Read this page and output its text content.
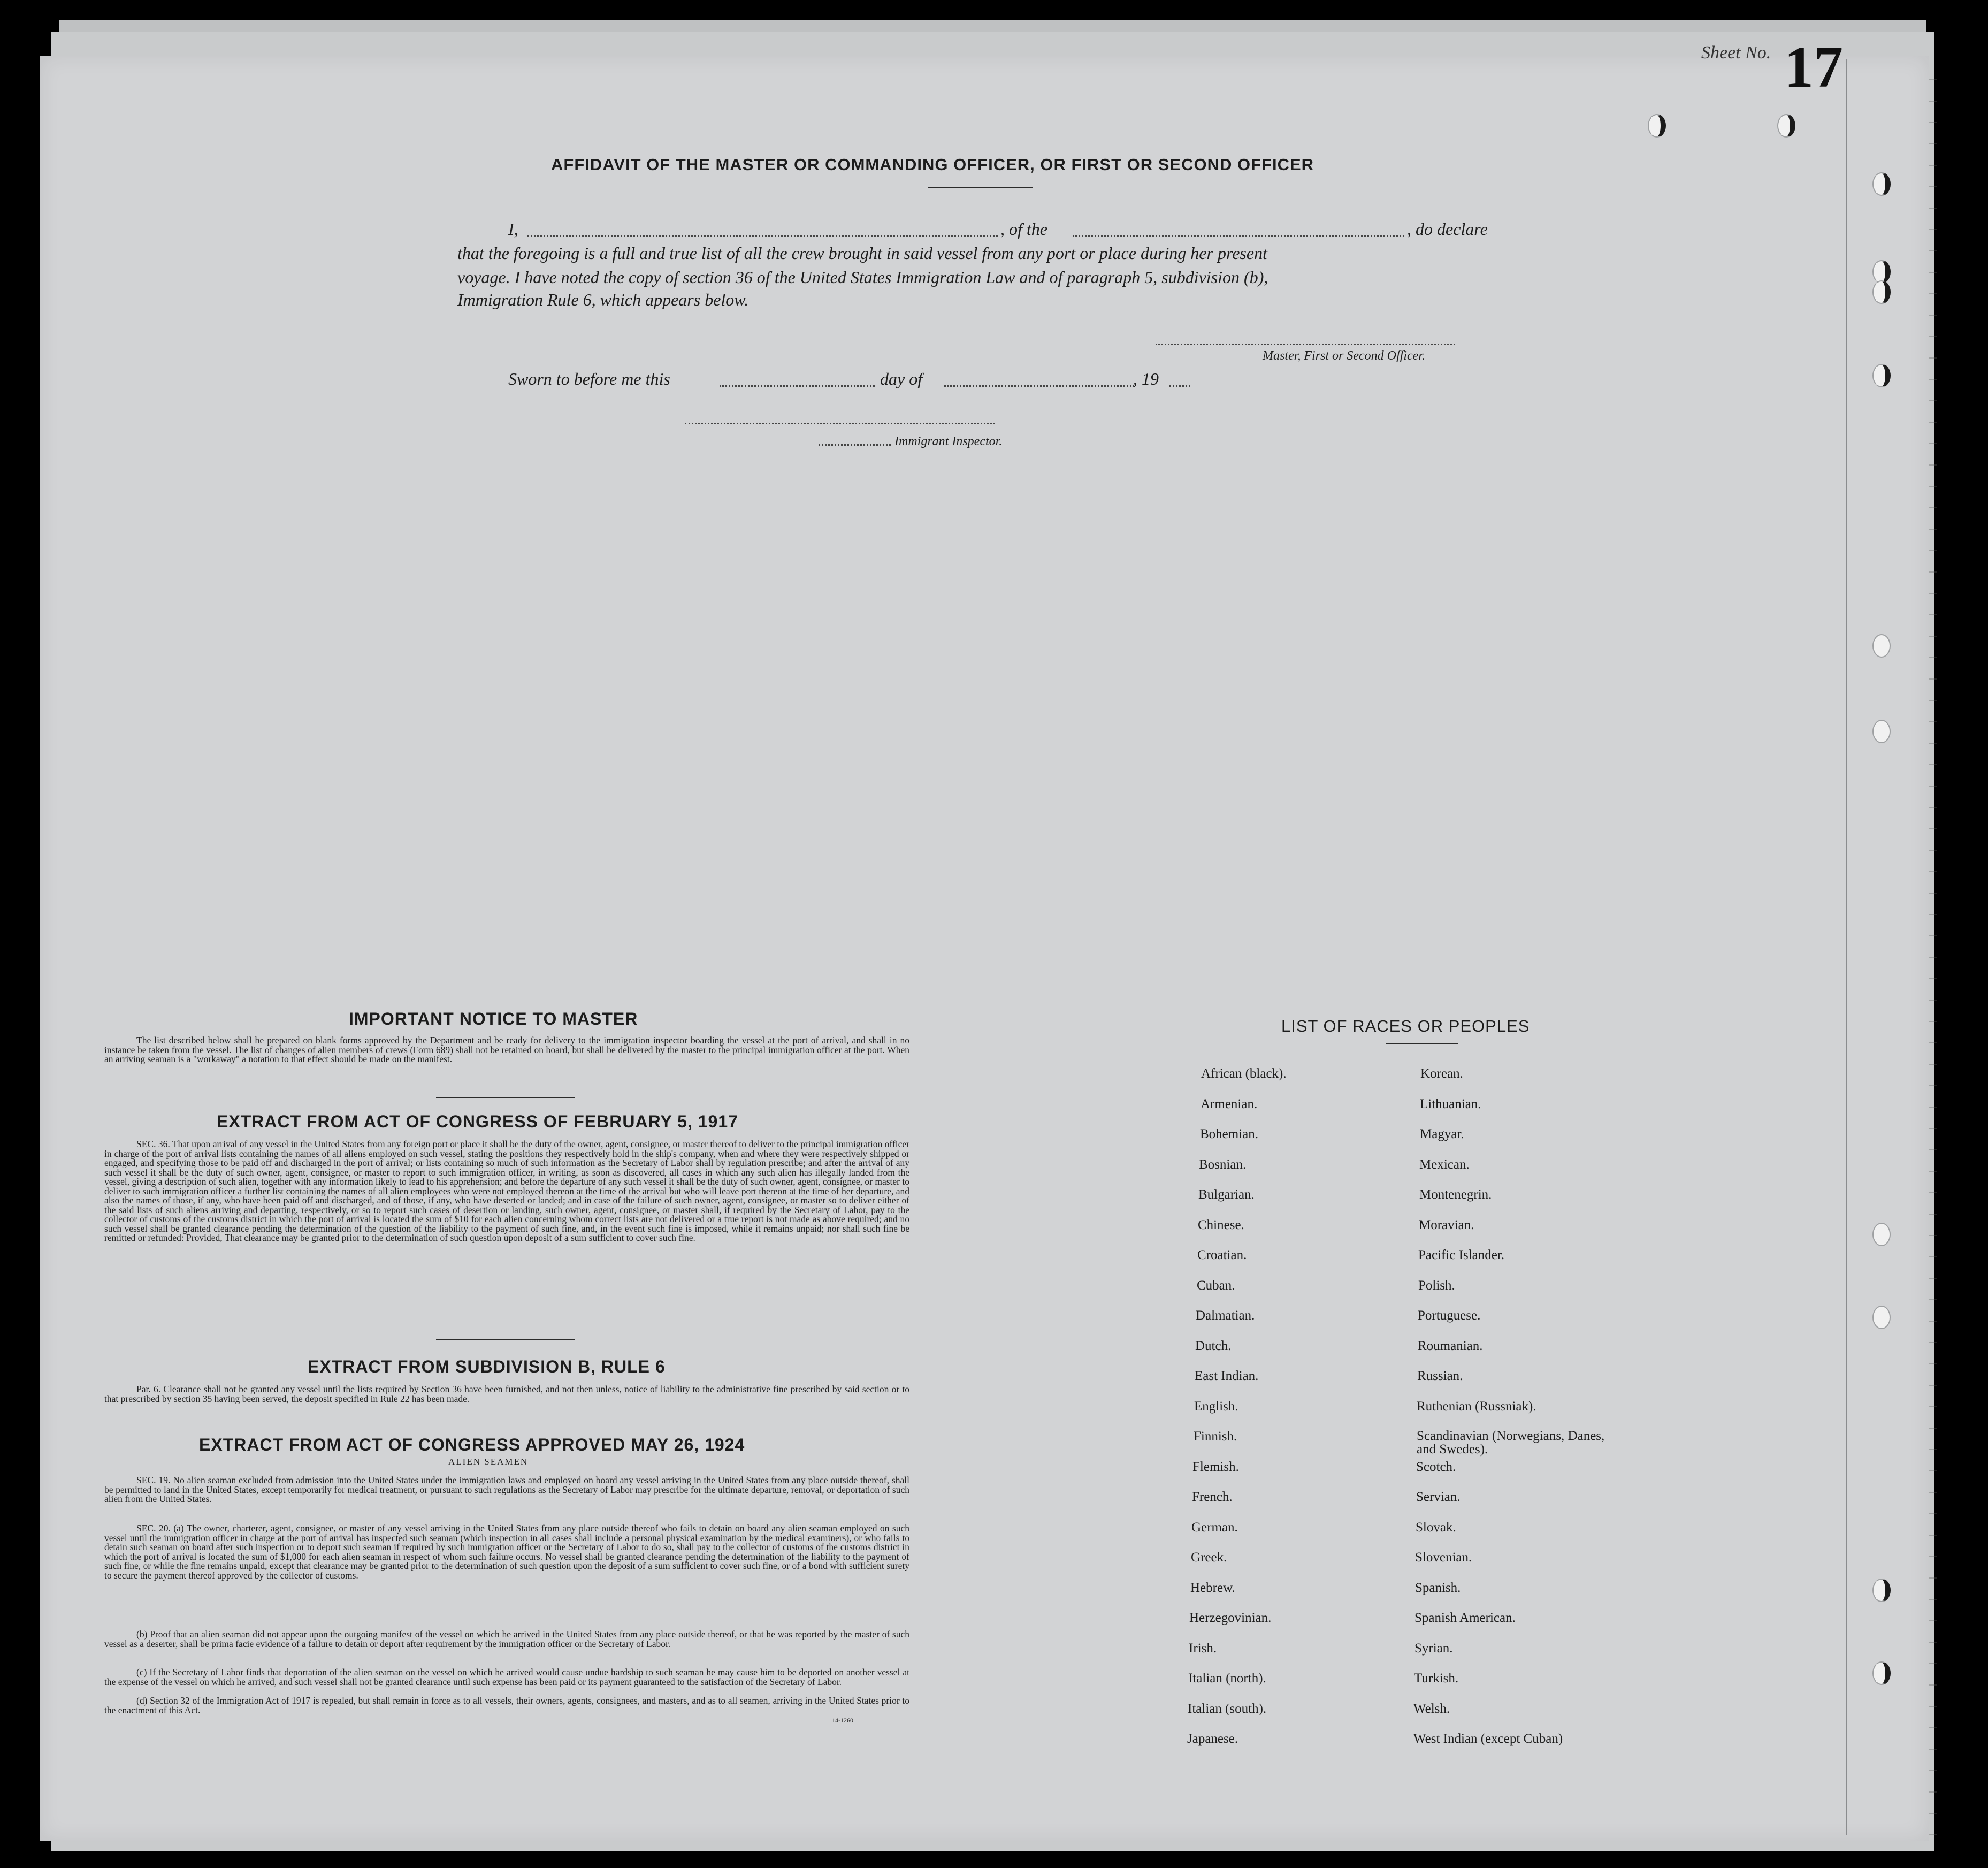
Sheet No. 17
AFFIDAVIT OF THE MASTER OR COMMANDING OFFICER, OR FIRST OR SECOND OFFICER
I,	, of the	, do declare
that the foregoing is a full and true list of all the crew brought in said vessel from any port or place during her present
voyage. I have noted the copy of section 36 of the United States Immigration Law and of paragraph 5, subdivision (b),
Immigration Rule 6, which appears below.
Master, First or Second Officer.
Sworn to before me this	day of	, 19
Immigrant Inspector.
IMPORTANT NOTICE TO MASTER
The list described below shall be prepared on blank forms approved by the Department and be ready for delivery to the immigration inspector boarding the vessel at the port of arrival, and shall in no instance be taken from the vessel. The list of changes of alien members of crews (Form 689) shall not be retained on board, but shall be delivered by the master to the principal immigration officer at the port. When an arriving seaman is a "workaway" a notation to that effect should be made on the manifest.
EXTRACT FROM ACT OF CONGRESS OF FEBRUARY 5, 1917
SEC. 36. That upon arrival of any vessel in the United States from any foreign port or place it shall be the duty of the owner, agent, consignee, or master thereof to deliver to the principal immigration officer in charge of the port of arrival lists containing the names of all aliens employed on such vessel, stating the positions they respectively hold in the ship's company, when and where they were respectively shipped or engaged, and specifying those to be paid off and discharged in the port of arrival; or lists containing so much of such information as the Secretary of Labor shall by regulation prescribe; and after the arrival of any such vessel it shall be the duty of such owner, agent, consignee, or master to report to such immigration officer, in writing, as soon as discovered, all cases in which any such alien has illegally landed from the vessel, giving a description of such alien, together with any information likely to lead to his apprehension; and before the departure of any such vessel it shall be the duty of such owner, agent, consignee, or master to deliver to such immigration officer a further list containing the names of all alien employees who were not employed thereon at the time of the arrival but who will leave port thereon at the time of her departure, and also the names of those, if any, who have been paid off and discharged, and of those, if any, who have deserted or landed; and in case of the failure of such owner, agent, consignee, or master so to deliver either of the said lists of such aliens arriving and departing, respectively, or so to report such cases of desertion or landing, such owner, agent, consignee, or master shall, if required by the Secretary of Labor, pay to the collector of customs of the customs district in which the port of arrival is located the sum of $10 for each alien concerning whom correct lists are not delivered or a true report is not made as above required; and no such vessel shall be granted clearance pending the determination of the question of the liability to the payment of such fine, and, in the event such fine is imposed, while it remains unpaid; nor shall such fine be remitted or refunded: Provided, That clearance may be granted prior to the determination of such question upon deposit of a sum sufficient to cover such fine.
EXTRACT FROM SUBDIVISION B, RULE 6
Par. 6. Clearance shall not be granted any vessel until the lists required by Section 36 have been furnished, and not then unless, notice of liability to the administrative fine prescribed by said section or to that prescribed by section 35 having been served, the deposit specified in Rule 22 has been made.
EXTRACT FROM ACT OF CONGRESS APPROVED MAY 26, 1924
ALIEN SEAMEN
SEC. 19. No alien seaman excluded from admission into the United States under the immigration laws and employed on board any vessel arriving in the United States from any place outside thereof, shall be permitted to land in the United States, except temporarily for medical treatment, or pursuant to such regulations as the Secretary of Labor may prescribe for the ultimate departure, removal, or deportation of such alien from the United States.
SEC. 20. (a) The owner, charterer, agent, consignee, or master of any vessel arriving in the United States from any place outside thereof who fails to detain on board any alien seaman employed on such vessel until the immigration officer in charge at the port of arrival has inspected such seaman (which inspection in all cases shall include a personal physical examination by the medical examiners), or who fails to detain such seaman on board after such inspection or to deport such seaman if required by such immigration officer or the Secretary of Labor to do so, shall pay to the collector of customs of the customs district in which the port of arrival is located the sum of $1,000 for each alien seaman in respect of whom such failure occurs. No vessel shall be granted clearance pending the determination of the liability to the payment of such fine, or while the fine remains unpaid, except that clearance may be granted prior to the determination of such question upon the deposit of a sum sufficient to cover such fine, or of a bond with sufficient surety to secure the payment thereof approved by the collector of customs.
(b) Proof that an alien seaman did not appear upon the outgoing manifest of the vessel on which he arrived in the United States from any place outside thereof, or that he was reported by the master of such vessel as a deserter, shall be prima facie evidence of a failure to detain or deport after requirement by the immigration officer or the Secretary of Labor.
(c) If the Secretary of Labor finds that deportation of the alien seaman on the vessel on which he arrived would cause undue hardship to such seaman he may cause him to be deported on another vessel at the expense of the vessel on which he arrived, and such vessel shall not be granted clearance until such expense has been paid or its payment guaranteed to the satisfaction of the Secretary of Labor.
(d) Section 32 of the Immigration Act of 1917 is repealed, but shall remain in force as to all vessels, their owners, agents, consignees, and masters, and as to all seamen, arriving in the United States prior to the enactment of this Act.
14-1260
LIST OF RACES OR PEOPLES
African (black).
Armenian.
Bohemian.
Bosnian.
Bulgarian.
Chinese.
Croatian.
Cuban.
Dalmatian.
Dutch.
East Indian.
English.
Finnish.
Flemish.
French.
German.
Greek.
Hebrew.
Herzegovinian.
Irish.
Italian (north).
Italian (south).
Japanese.
Korean.
Lithuanian.
Magyar.
Mexican.
Montenegrin.
Moravian.
Pacific Islander.
Polish.
Portuguese.
Roumanian.
Russian.
Ruthenian (Russniak).
Scandinavian (Norwegians, Danes, and Swedes).
Scotch.
Servian.
Slovak.
Slovenian.
Spanish.
Spanish American.
Syrian.
Turkish.
Welsh.
West Indian (except Cuban)
